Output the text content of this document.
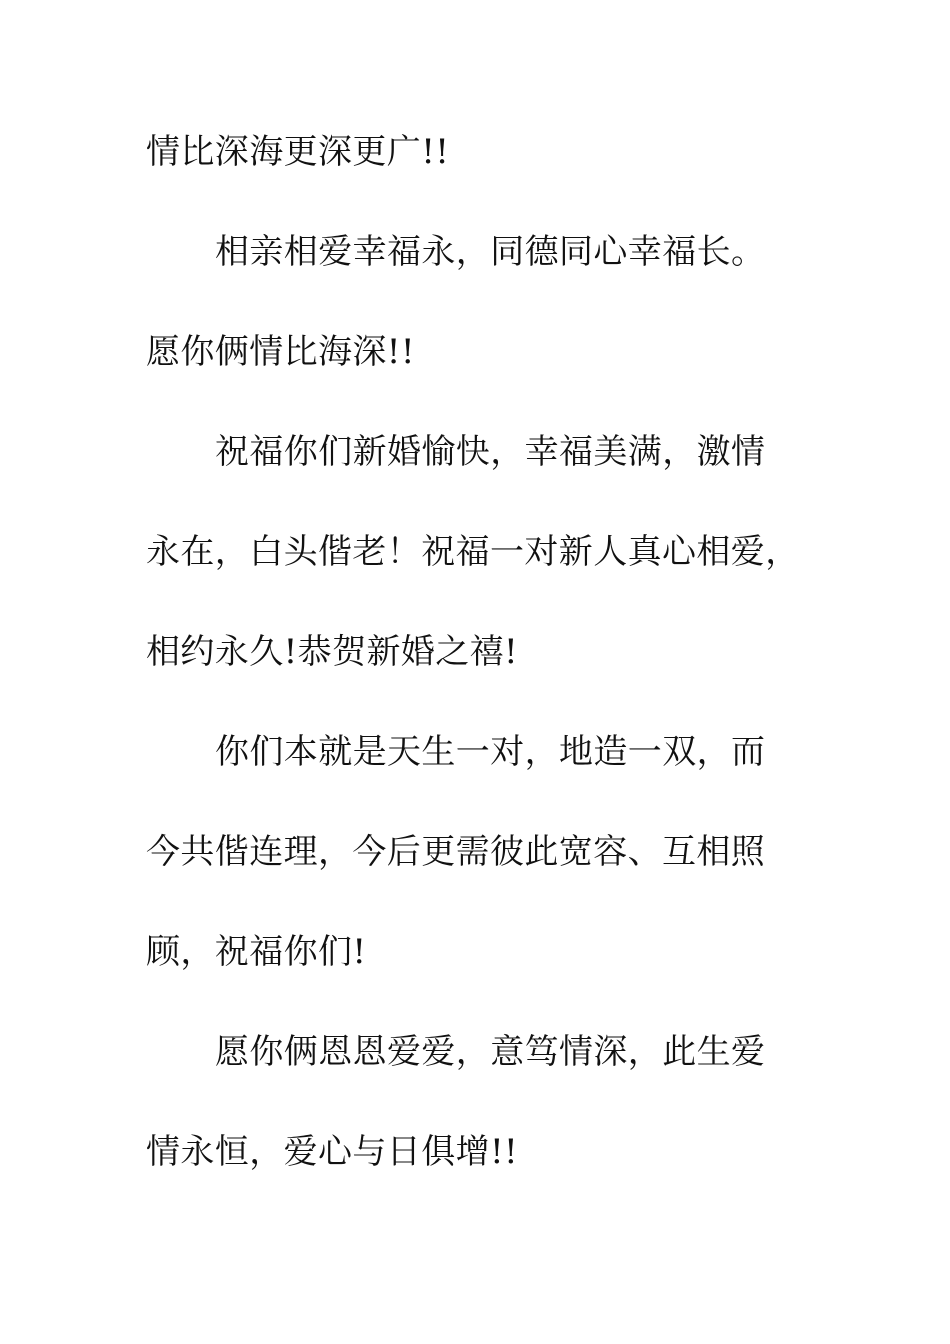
情比深海更深更广!!
相亲相爱幸福永，同德同心幸福长。
愿你俩情比海深!!
祝福你们新婚愉快，幸福美满，激情
永在，白头偕老！祝福一对新人真心相爱，
相约永久!恭贺新婚之禧!
你们本就是天生一对，地造一双，而
今共偕连理，今后更需彼此宽容、互相照
顾，祝福你们!
愿你俩恩恩爱爱，意笃情深，此生爱
情永恒，爱心与日俱增!!
